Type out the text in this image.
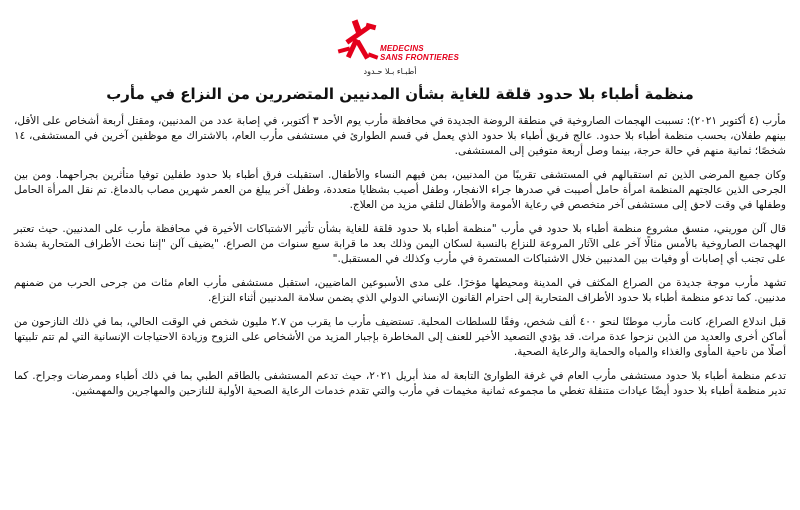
MEDECINS
SANS FRONTIERES
أطبـاء بـلا حـدود
منظمة أطباء بلا حدود قلقة للغاية بشأن المدنيين المتضررين من النزاع في مأرب

مأرب (٤ أكتوبر ٢٠٢١): تسببت الهجمات الصاروخية في منطقة الروضة الجديدة في محافظة مأرب يوم الأحد ٣ أكتوبر، في إصابة عدد من المدنيين، ومقتل أربعة أشخاص على الأقل، بينهم طفلان، بحسب منظمة أطباء بلا حدود. عالج فريق أطباء بلا حدود الذي يعمل في قسم الطوارئ في مستشفى مأرب العام، بالاشتراك مع موظفين آخرين في المستشفى، ١٤ شخصًا؛ ثمانية منهم في حالة حرجة، بينما وصل أربعة متوفين إلى المستشفى.

وكان جميع المرضى الذين تم استقبالهم في المستشفى تقريبًا من المدنيين، بمن فيهم النساء والأطفال. استقبلت فرق أطباء بلا حدود طفلين توفيا متأثرين بجراحهما. ومن بين الجرحى الذين عالجتهم المنظمة امرأة حامل أصيبت في صدرها جراء الانفجار، وطفل أصيب بشظايا متعددة، وطفل آخر يبلغ من العمر شهرين مصاب بالدماغ. تم نقل المرأة الحامل وطفلها في وقت لاحق إلى مستشفى آخر متخصص في رعاية الأمومة والأطفال لتلقي مزيد من العلاج.

قال آلن موريني، منسق مشروع منظمة أطباء بلا حدود في مأرب "منظمة أطباء بلا حدود قلقة للغاية بشأن تأثير الاشتباكات الأخيرة في محافظة مأرب على المدنيين. حيث تعتبر الهجمات الصاروخية بالأمس مثالًا آخر على الآثار المروعة للنزاع بالنسبة لسكان اليمن وذلك بعد ما قرابة سبع سنوات من الصراع. "يضيف آلن "إننا نحث الأطراف المتحاربة بشدة على تجنب أي إصابات أو وفيات بين المدنيين خلال الاشتباكات المستمرة في مأرب وكذلك في المستقبل."

تشهد مأرب موجة جديدة من الصراع المكثف في المدينة ومحيطها مؤخرًا. على مدى الأسبوعين الماضيين، استقبل مستشفى مأرب العام مئات من جرحى الحرب من ضمنهم مدنيين. كما تدعو منظمة أطباء بلا حدود الأطراف المتحاربة إلى احترام القانون الإنساني الدولي الذي يضمن سلامة المدنيين أثناء النزاع.

قبل اندلاع الصراع، كانت مأرب موطنًا لنحو ٤٠٠ ألف شخص، وفقًا للسلطات المحلية. تستضيف مأرب ما يقرب من ٢.٧ مليون شخص في الوقت الحالي، بما في ذلك النازحون من أماكن أخرى والعديد من الذين نزحوا عدة مرات. قد يؤدي التصعيد الأخير للعنف إلى المخاطرة بإجبار المزيد من الأشخاص على النزوح وزيادة الاحتياجات الإنسانية التي لم تتم تلبيتها أصلًا من ناحية المأوى والغذاء والمياه والحماية والرعاية الصحية.

تدعم منظمة أطباء بلا حدود مستشفى مأرب العام في غرفة الطوارئ التابعة له منذ أبريل ٢٠٢١، حيث تدعم المستشفى بالطاقم الطبي بما في ذلك أطباء وممرضات وجراح. كما تدير منظمة أطباء بلا حدود أيضًا عيادات متنقلة تغطي ما مجموعه ثمانية مخيمات في مأرب والتي تقدم خدمات الرعاية الصحية الأولية للنازحين والمهاجرين والمهمشين.
